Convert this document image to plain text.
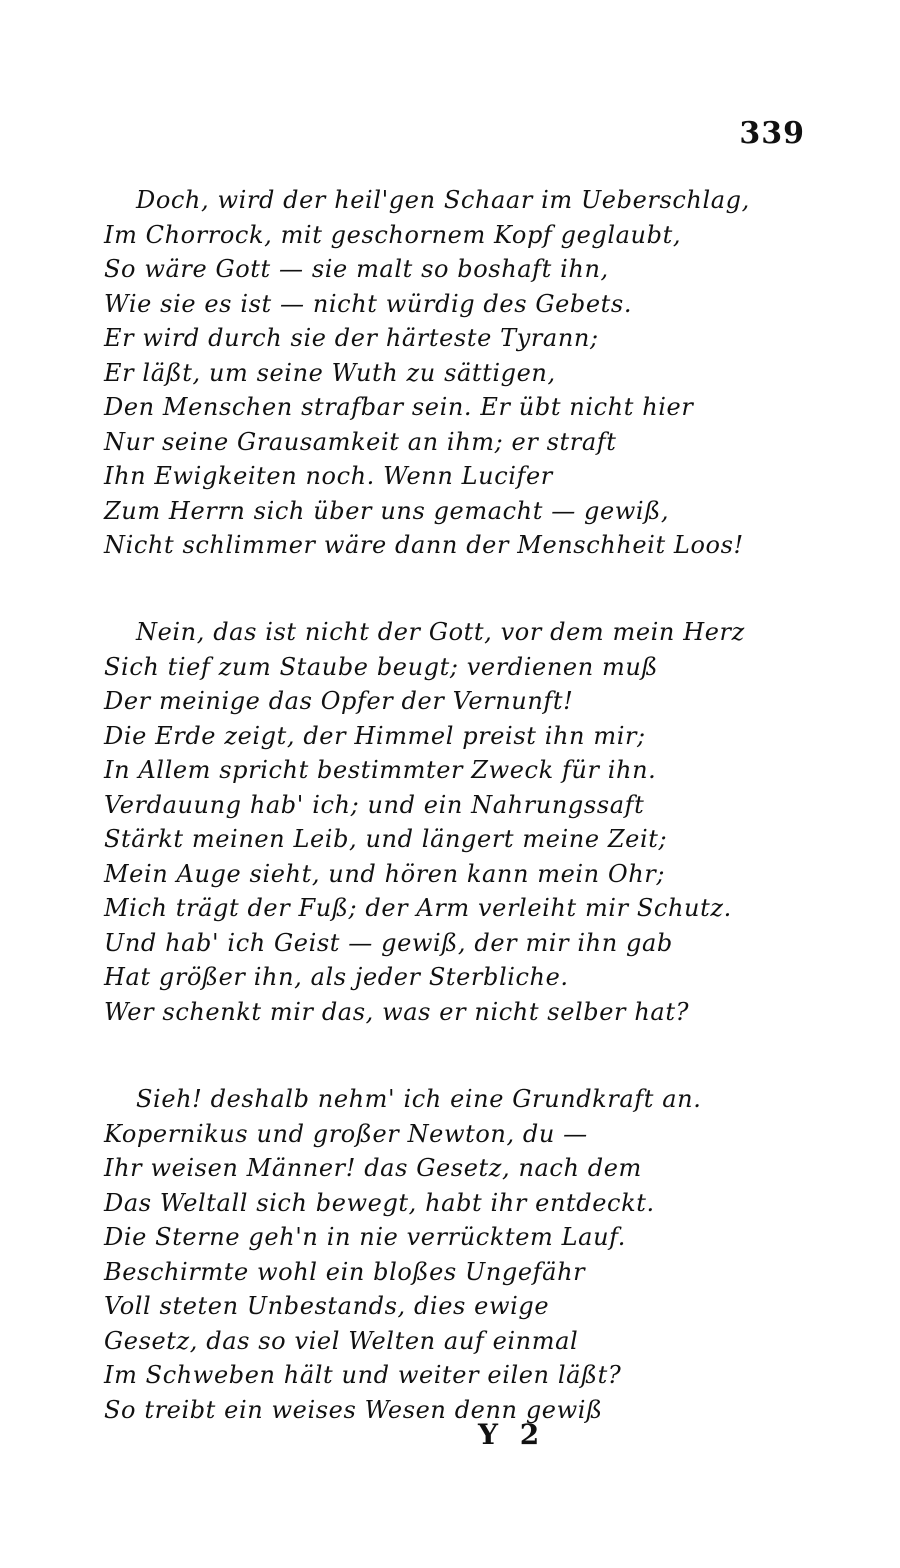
339
Doch, wird der heil'gen Schaar im Ueberschlag,
Im Chorrock, mit geschornem Kopf geglaubt,
So wäre Gott — sie malt so boshaft ihn,
Wie sie es ist — nicht würdig des Gebets.
Er wird durch sie der härteste Tyrann;
Er läßt, um seine Wuth zu sättigen,
Den Menschen strafbar sein. Er übt nicht hier
Nur seine Grausamkeit an ihm; er straft
Ihn Ewigkeiten noch. Wenn Lucifer
Zum Herrn sich über uns gemacht — gewiß,
Nicht schlimmer wäre dann der Menschheit Loos!
Nein, das ist nicht der Gott, vor dem mein Herz
Sich tief zum Staube beugt; verdienen muß
Der meinige das Opfer der Vernunft!
Die Erde zeigt, der Himmel preist ihn mir;
In Allem spricht bestimmter Zweck für ihn.
Verdauung hab' ich; und ein Nahrungssaft
Stärkt meinen Leib, und längert meine Zeit;
Mein Auge sieht, und hören kann mein Ohr;
Mich trägt der Fuß; der Arm verleiht mir Schutz.
Und hab' ich Geist — gewiß, der mir ihn gab
Hat größer ihn, als jeder Sterbliche.
Wer schenkt mir das, was er nicht selber hat?
Sieh! deshalb nehm' ich eine Grundkraft an.
Kopernikus und großer Newton, du —
Ihr weisen Männer! das Gesetz, nach dem
Das Weltall sich bewegt, habt ihr entdeckt.
Die Sterne geh'n in nie verrücktem Lauf.
Beschirmte wohl ein bloßes Ungefähr
Voll steten Unbestands, dies ewige
Gesetz, das so viel Welten auf einmal
Im Schweben hält und weiter eilen läßt?
So treibt ein weises Wesen denn gewiß
Y 2
